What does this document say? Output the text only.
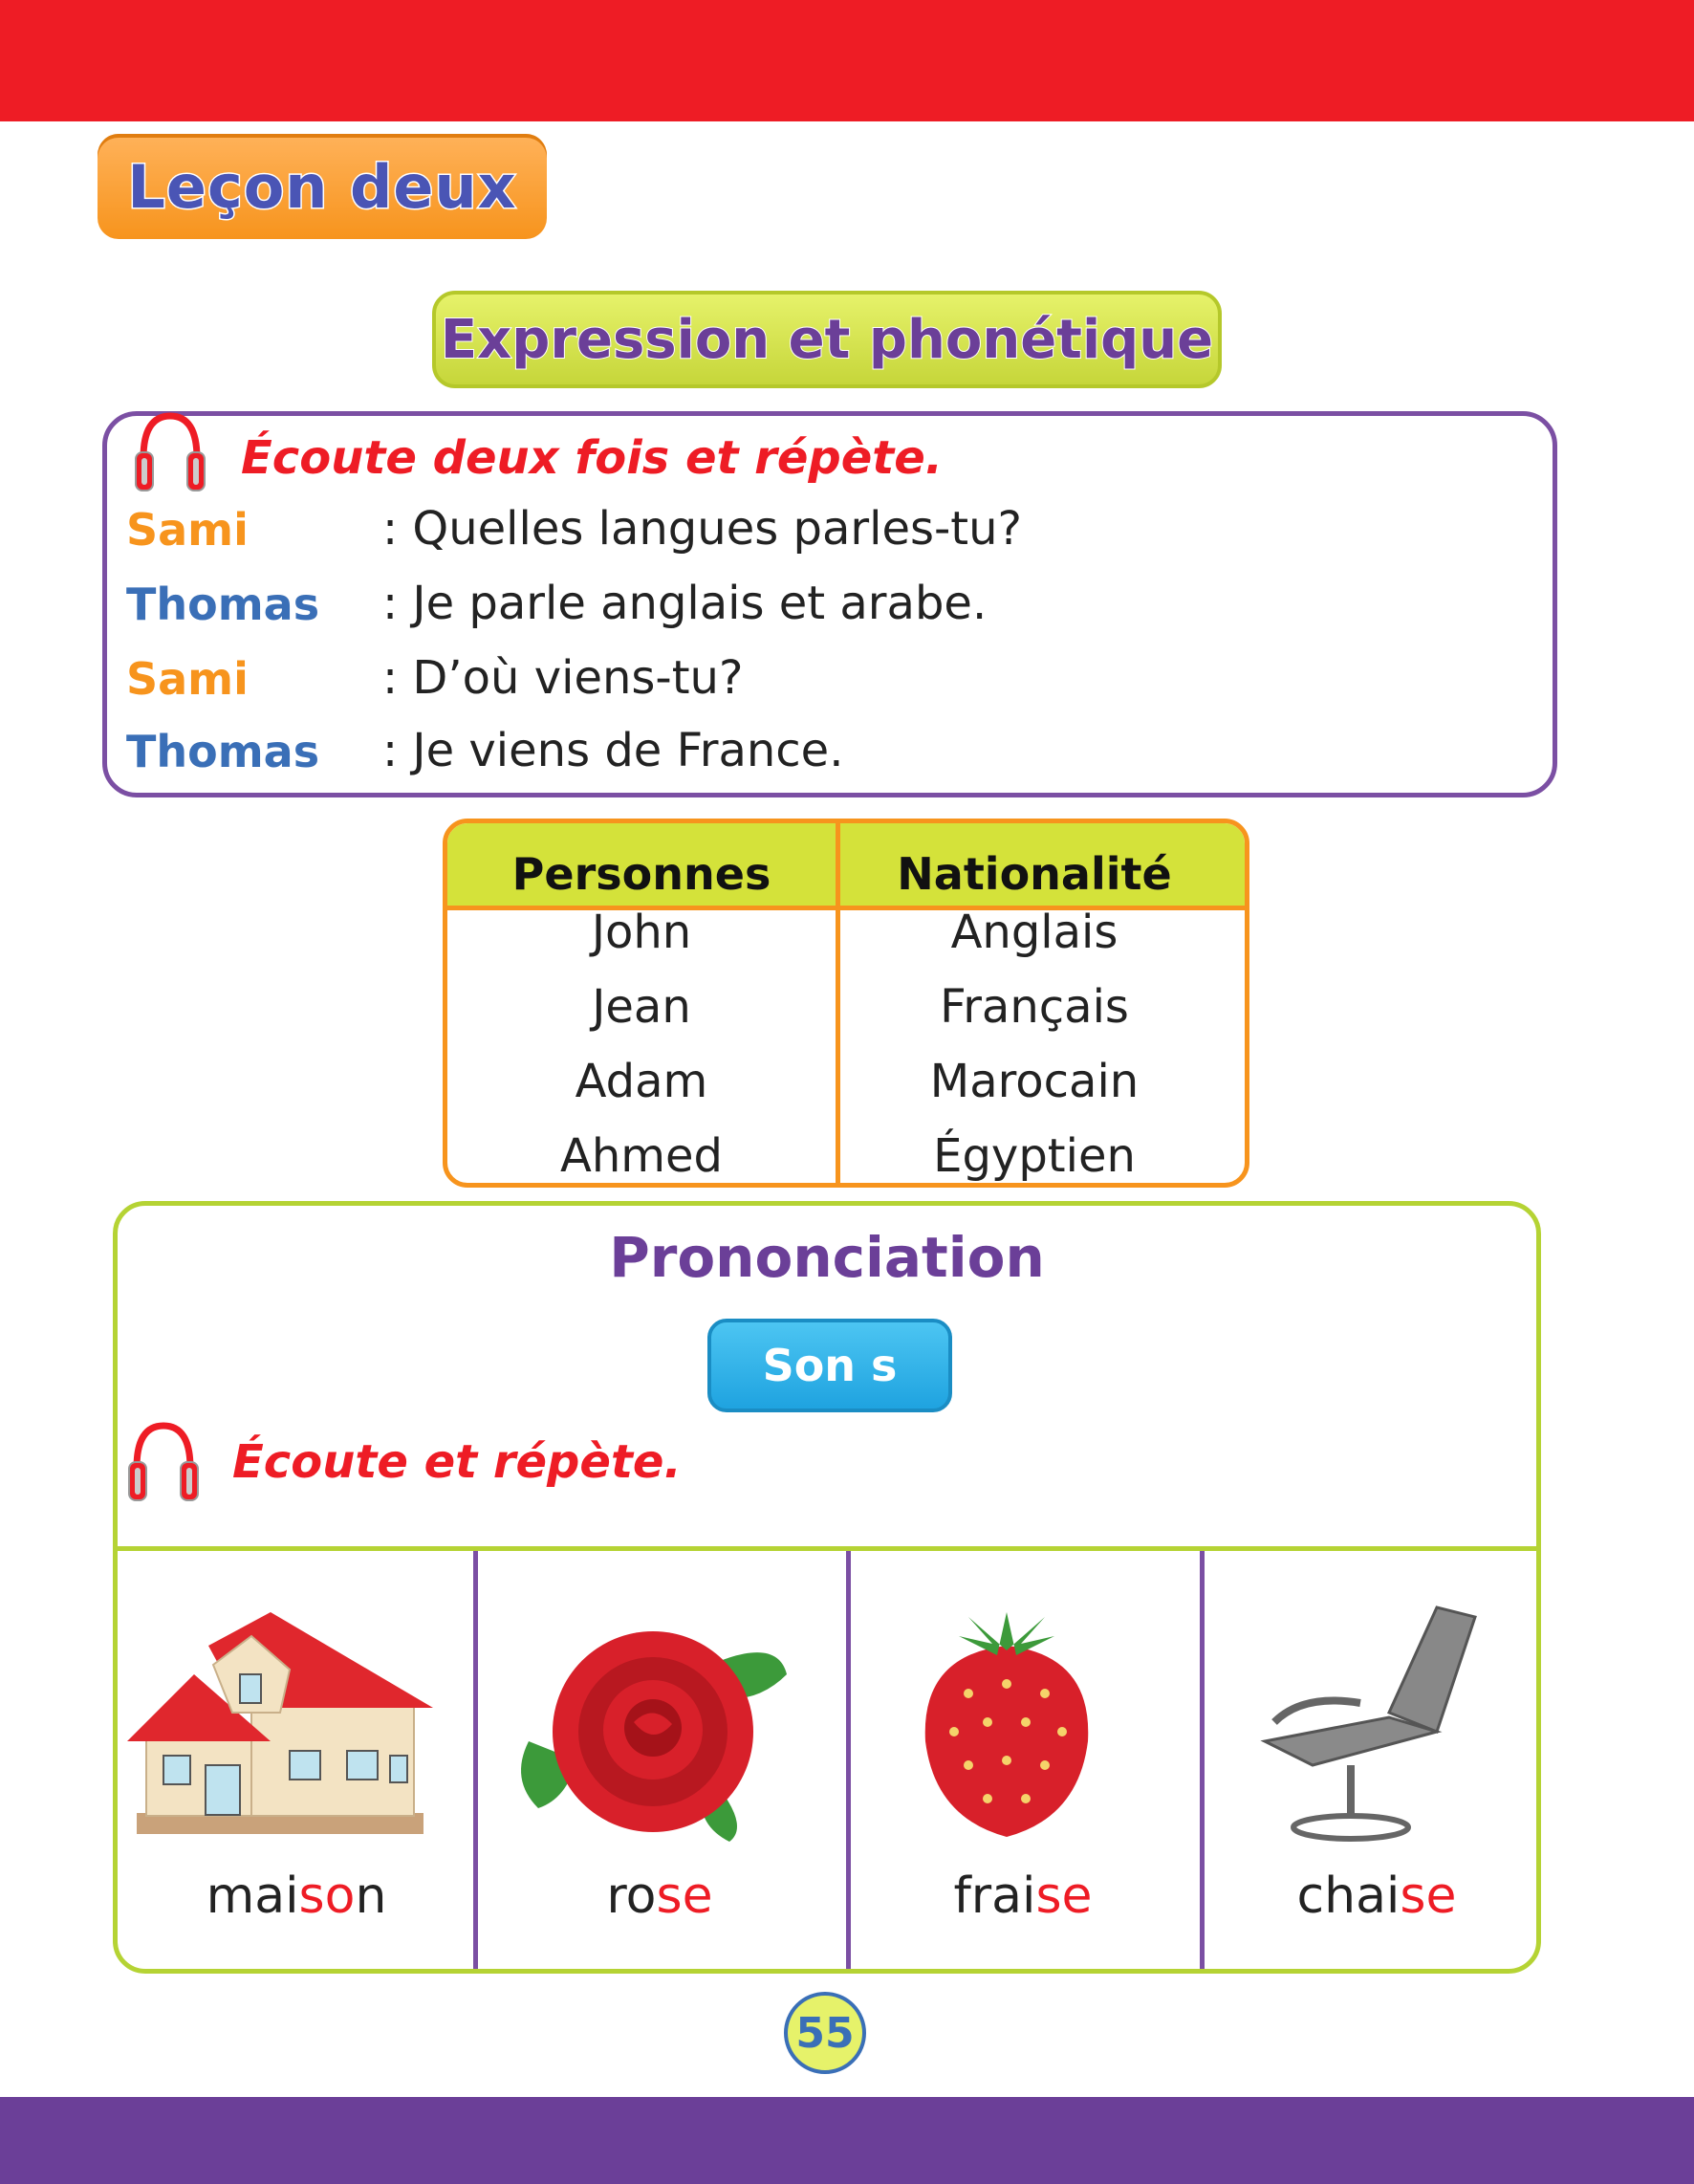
Leçon deux
Expression et phonétique
Écoute deux fois et répète.
Sami	: Quelles langues parles-tu?
Thomas : Je parle anglais et arabe.
Sami	: D’où viens-tu?
Thomas : Je viens de France.
Personnes	Nationalité
John	Anglais
Jean	Français
Adam	Marocain
Ahmed	Égyptien
Prononciation
Son s
Écoute et répète.
maison	rose	fraise	chaise
55
